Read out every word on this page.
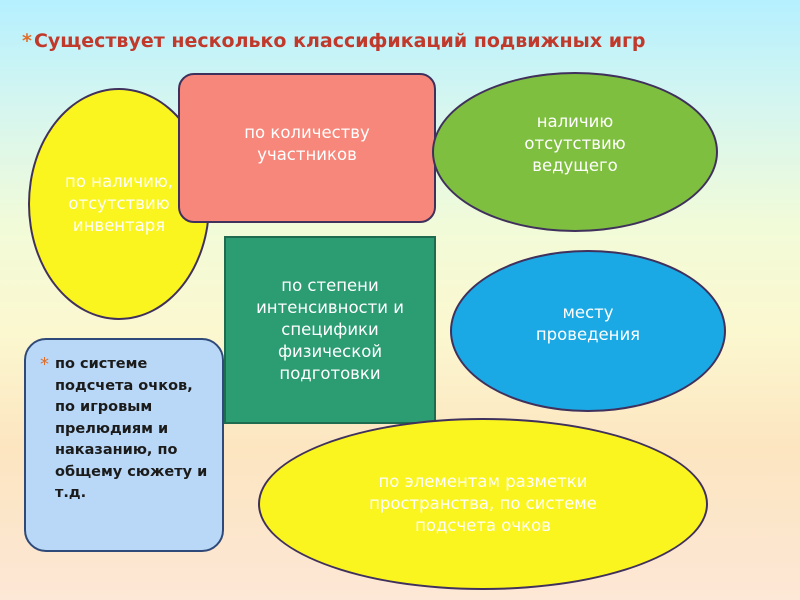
* Существует несколько классификаций подвижных игр
по наличию, отсутствию инвентаря
по количеству участников
наличию отсутствию ведущего
по степени интенсивности и специфики физической подготовки
месту проведения
по элементам разметки пространства, по системе подсчета очков
* по системе подсчета очков, по игровым прелюдиям и наказанию, по общему сюжету и т.д.
